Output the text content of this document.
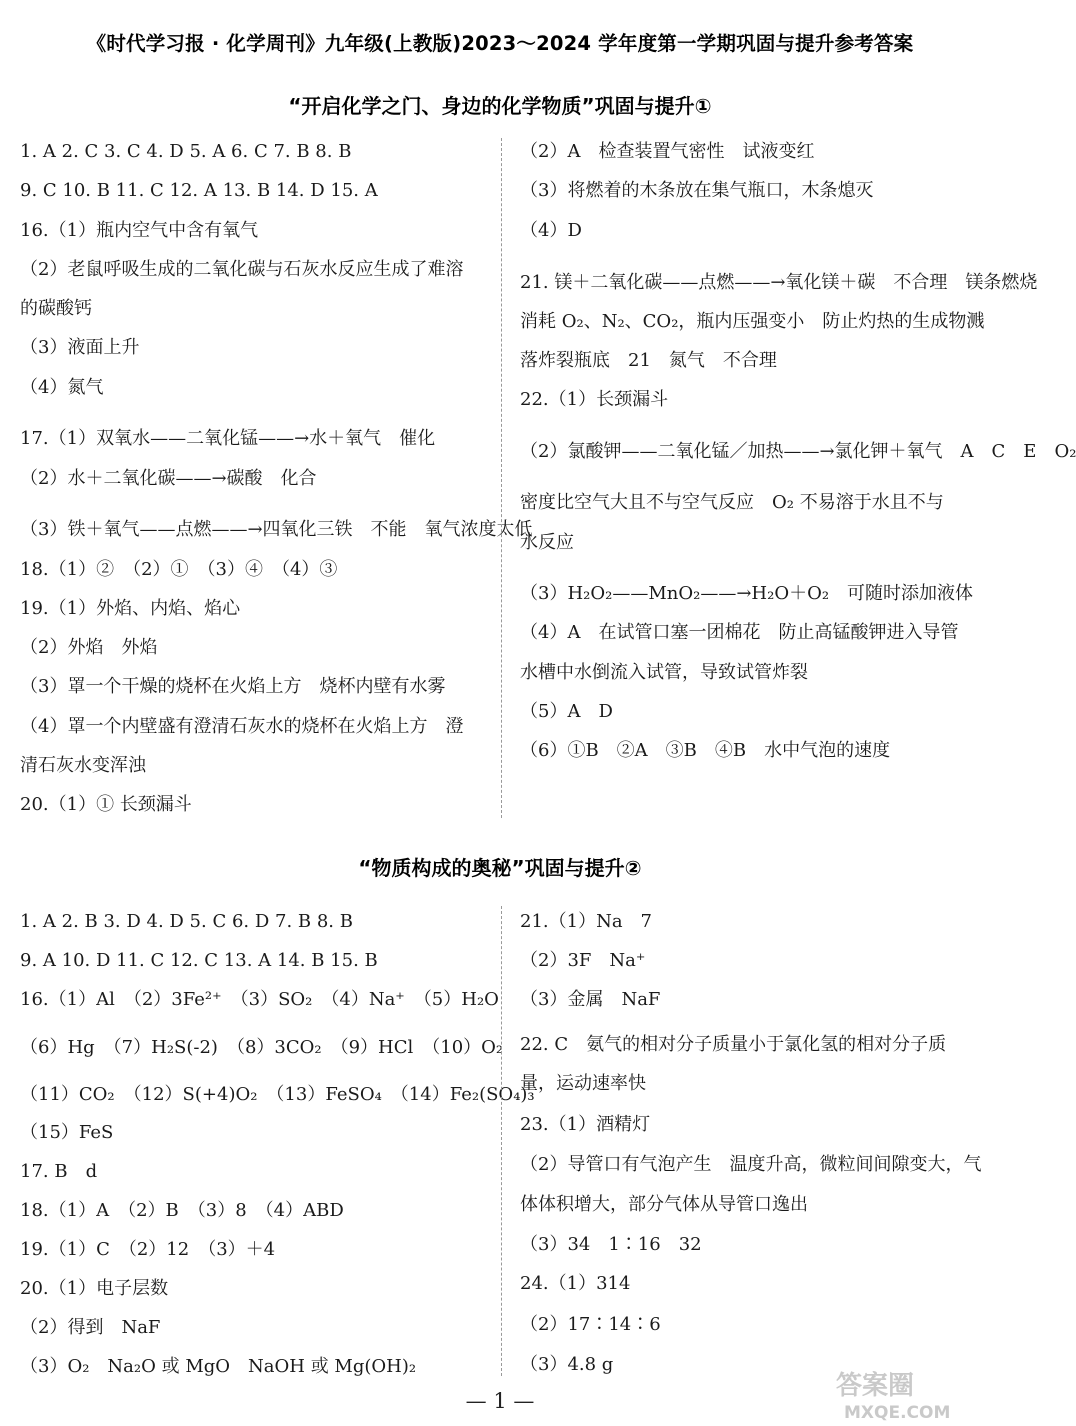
《时代学习报 · 化学周刊》九年级(上教版)2023～2024 学年度第一学期巩固与提升参考答案
“开启化学之门、身边的化学物质”巩固与提升①
1. A 2. C 3. C 4. D 5. A 6. C 7. B 8. B
9. C 10. B 11. C 12. A 13. B 14. D 15. A
16.（1）瓶内空气中含有氧气
（2）老鼠呼吸生成的二氧化碳与石灰水反应生成了难溶
的碳酸钙
（3）液面上升
（4）氮气
17.（1）双氧水——二氧化锰——→水＋氧气　催化
（2）水＋二氧化碳——→碳酸　化合
（3）铁＋氧气——点燃——→四氧化三铁　不能　氧气浓度太低
18.（1）②　（2）①　（3）④　（4）③
19.（1）外焰、内焰、焰心
（2）外焰　外焰
（3）罩一个干燥的烧杯在火焰上方　烧杯内壁有水雾
（4）罩一个内壁盛有澄清石灰水的烧杯在火焰上方　澄
清石灰水变浑浊
20.（1）① 长颈漏斗
（2）A　检查装置气密性　试液变红
（3）将燃着的木条放在集气瓶口，木条熄灭
（4）D
21. 镁＋二氧化碳——点燃——→氧化镁＋碳　不合理　镁条燃烧
消耗 O₂、N₂、CO₂，瓶内压强变小　防止灼热的生成物溅
落炸裂瓶底　21　氮气　不合理
22.（1）长颈漏斗
（2）氯酸钾——二氧化锰／加热——→氯化钾＋氧气　A　C　E　O₂
密度比空气大且不与空气反应　O₂ 不易溶于水且不与
水反应
（3）H₂O₂——MnO₂——→H₂O＋O₂　可随时添加液体
（4）A　在试管口塞一团棉花　防止高锰酸钾进入导管
水槽中水倒流入试管，导致试管炸裂
（5）A　D
（6）①B　②A　③B　④B　水中气泡的速度
“物质构成的奥秘”巩固与提升②
1. A 2. B 3. D 4. D 5. C 6. D 7. B 8. B
9. A 10. D 11. C 12. C 13. A 14. B 15. B
16.（1）Al　（2）3Fe²⁺　（3）SO₂　（4）Na⁺　（5）H₂O
（6）Hg　（7）H₂S(-2)　（8）3CO₂　（9）HCl　（10）O₂
（11）CO₂　（12）S(+4)O₂　（13）FeSO₄　（14）Fe₂(SO₄)₃
（15）FeS
17. B　d
18.（1）A　（2）B　（3）8　（4）ABD
19.（1）C　（2）12　（3）＋4
20.（1）电子层数
（2）得到　NaF
（3）O₂　Na₂O 或 MgO　NaOH 或 Mg(OH)₂
21.（1）Na　7
（2）3F　Na⁺
（3）金属　NaF
22. C　氨气的相对分子质量小于氯化氢的相对分子质
量，运动速率快
23.（1）酒精灯
（2）导管口有气泡产生　温度升高，微粒间间隙变大，气
体体积增大，部分气体从导管口逸出
（3）34　1∶16　32
24.（1）314
（2）17∶14∶6
（3）4.8 g
— 1 —	答案圈
MXQE.COM
